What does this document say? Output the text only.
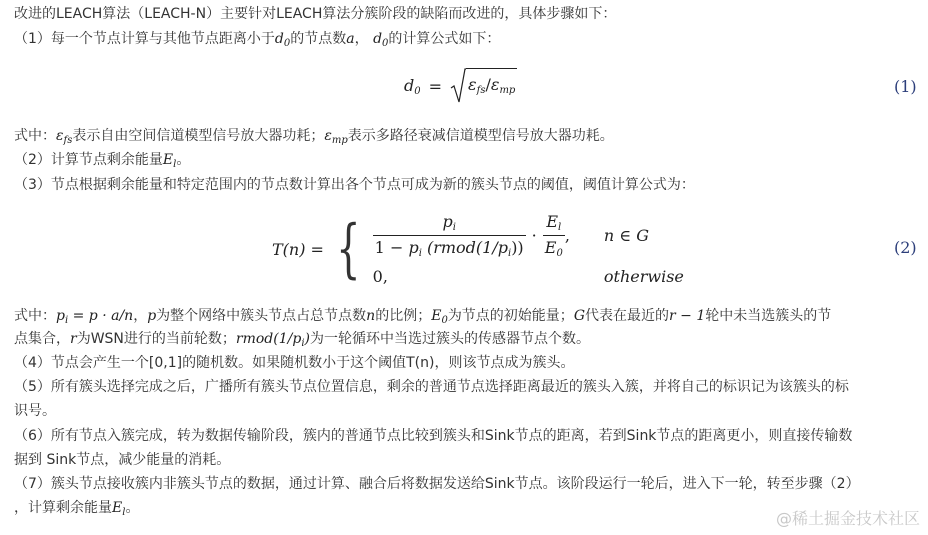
改进的LEACH算法（LEACH-N）主要针对LEACH算法分簇阶段的缺陷而改进的，具体步骤如下：
（1）每一个节点计算与其他节点距离小于$d_0$的节点数a， $d_0$的计算公式如下：
$d_0 = \varepsilon_{fs}/\varepsilon_{mp}$	(1)
式中：$\varepsilon_{fs}$表示自由空间信道模型信号放大器功耗；$\varepsilon_{mp}$表示多路径衰减信道模型信号放大器功耗。
（2）计算节点剩余能量$E_l$。
（3）节点根据剩余能量和特定范围内的节点数计算出各个节点可成为新的簇头节点的阈值，阈值计算公式为：
T(n) = { $\frac{p_i}{1 - p_i (rmod(1/p_i))} \cdot \frac{E_l}{E_0}$ , n ∈ G
0,	otherwise
(2)
式中：$p_i = p \cdot a/n$，p为整个网络中簇头节点占总节点数n的比例；$E_0$为节点的初始能量；G代表在最近的r − 1轮中未当选簇头的节
点集合，r为WSN进行的当前轮数；$rmod(1/p_i)$为一轮循环中当选过簇头的传感器节点个数。
（4）节点会产生一个[0,1]的随机数。如果随机数小于这个阈值T(n)，则该节点成为簇头。
（5）所有簇头选择完成之后，广播所有簇头节点位置信息，剩余的普通节点选择距离最近的簇头入簇，并将自己的标识记为该簇头的标
识号。
（6）所有节点入簇完成，转为数据传输阶段，簇内的普通节点比较到簇头和Sink节点的距离，若到Sink节点的距离更小，则直接传输数
据到 Sink节点，减少能量的消耗。
（7）簇头节点接收簇内非簇头节点的数据，通过计算、融合后将数据发送给Sink节点。该阶段运行一轮后，进入下一轮，转至步骤（2）
，计算剩余能量$E_l$。
@稀土掘金技术社区
